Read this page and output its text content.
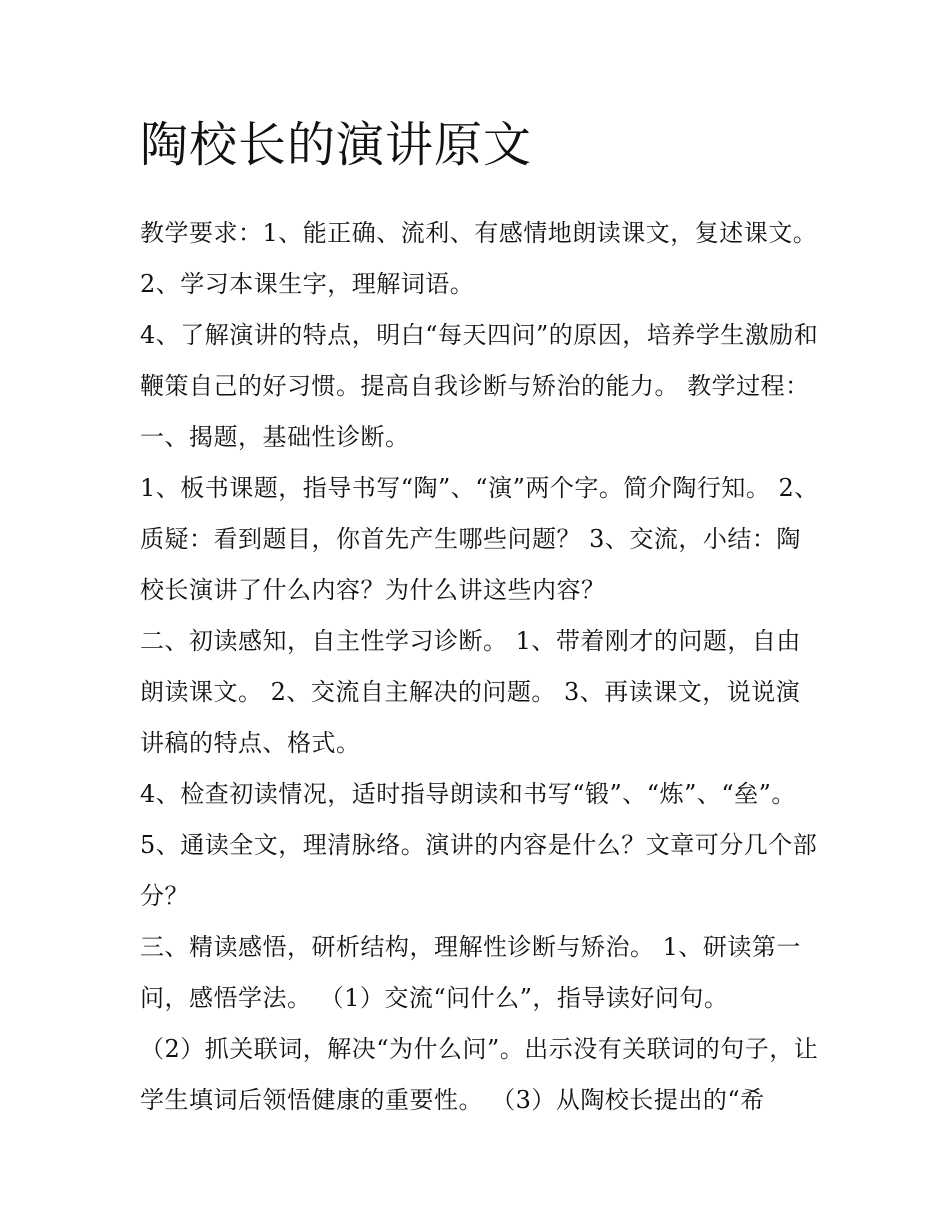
陶校长的演讲原文

教学要求：1、能正确、流利、有感情地朗读课文，复述课文。 2、学习本课生字，理解词语。

4、了解演讲的特点，明白“每天四问”的原因，培养学生激励和鞭策自己的好习惯。提高自我诊断与矫治的能力。 教学过程： 一、揭题，基础性诊断。

1、板书课题，指导书写“陶”、“演”两个字。简介陶行知。 2、质疑：看到题目，你首先产生哪些问题？ 3、交流，小结：陶校长演讲了什么内容？为什么讲这些内容？

二、初读感知，自主性学习诊断。 1、带着刚才的问题，自由朗读课文。 2、交流自主解决的问题。 3、再读课文，说说演讲稿的特点、格式。

4、检查初读情况，适时指导朗读和书写“锻”、“炼”、“垒”。

5、通读全文，理清脉络。演讲的内容是什么？文章可分几个部分？

三、精读感悟，研析结构，理解性诊断与矫治。 1、研读第一问，感悟学法。 （1）交流“问什么”，指导读好问句。

（2）抓关联词，解决“为什么问”。出示没有关联词的句子，让学生填词后领悟健康的重要性。 （3）从陶校长提出的“希
